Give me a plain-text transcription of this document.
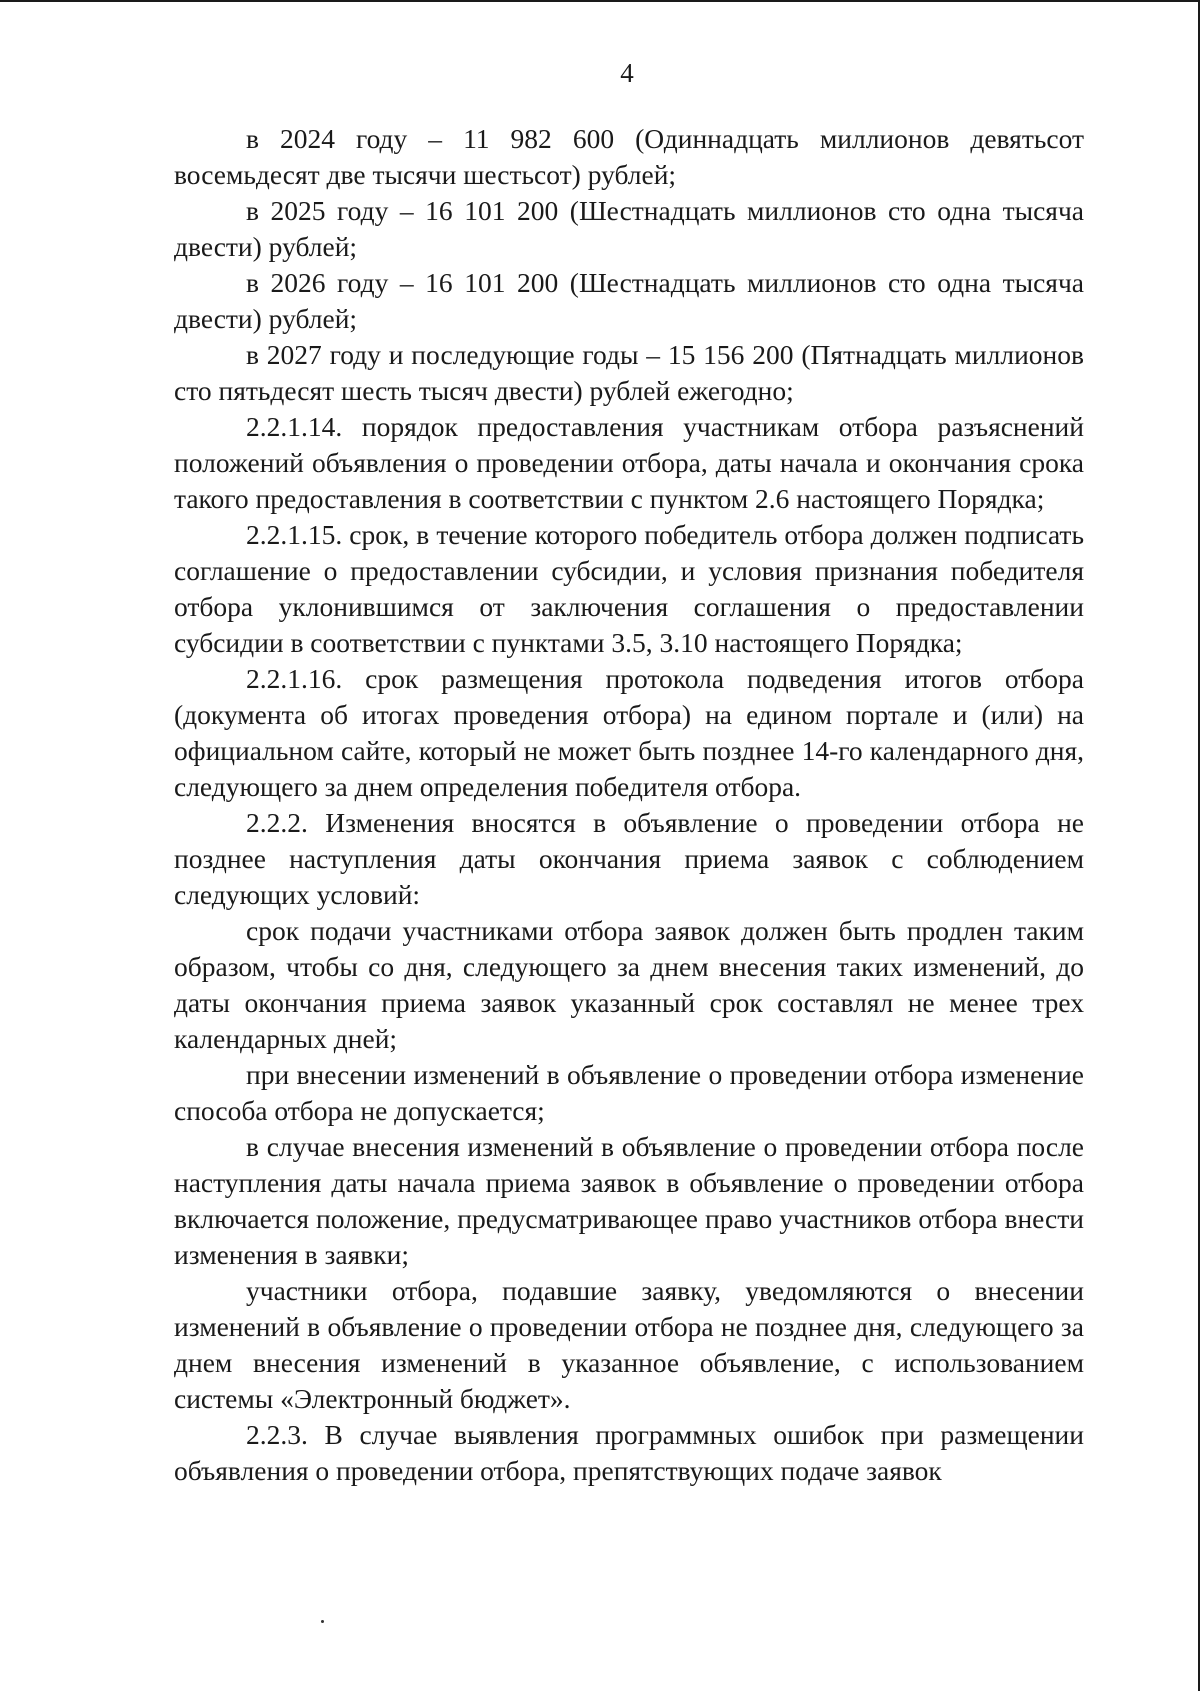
4

в 2024 году – 11 982 600 (Одиннадцать миллионов девятьсот восемьдесят две тысячи шестьсот) рублей;

в 2025 году – 16 101 200 (Шестнадцать миллионов сто одна тысяча двести) рублей;

в 2026 году – 16 101 200 (Шестнадцать миллионов сто одна тысяча двести) рублей;

в 2027 году и последующие годы – 15 156 200 (Пятнадцать миллионов сто пятьдесят шесть тысяч двести) рублей ежегодно;

2.2.1.14. порядок предоставления участникам отбора разъяснений положений объявления о проведении отбора, даты начала и окончания срока такого предоставления в соответствии с пунктом 2.6 настоящего Порядка;

2.2.1.15. срок, в течение которого победитель отбора должен подписать соглашение о предоставлении субсидии, и условия признания победителя отбора уклонившимся от заключения соглашения о предоставлении субсидии в соответствии с пунктами 3.5, 3.10 настоящего Порядка;

2.2.1.16. срок размещения протокола подведения итогов отбора (документа об итогах проведения отбора) на едином портале и (или) на официальном сайте, который не может быть позднее 14-го календарного дня, следующего за днем определения победителя отбора.

2.2.2. Изменения вносятся в объявление о проведении отбора не позднее наступления даты окончания приема заявок с соблюдением следующих условий:

срок подачи участниками отбора заявок должен быть продлен таким образом, чтобы со дня, следующего за днем внесения таких изменений, до даты окончания приема заявок указанный срок составлял не менее трех календарных дней;

при внесении изменений в объявление о проведении отбора изменение способа отбора не допускается;

в случае внесения изменений в объявление о проведении отбора после наступления даты начала приема заявок в объявление о проведении отбора включается положение, предусматривающее право участников отбора внести изменения в заявки;

участники отбора, подавшие заявку, уведомляются о внесении изменений в объявление о проведении отбора не позднее дня, следующего за днем внесения изменений в указанное объявление, с использованием системы «Электронный бюджет».

2.2.3. В случае выявления программных ошибок при размещении объявления о проведении отбора, препятствующих подаче заявок
